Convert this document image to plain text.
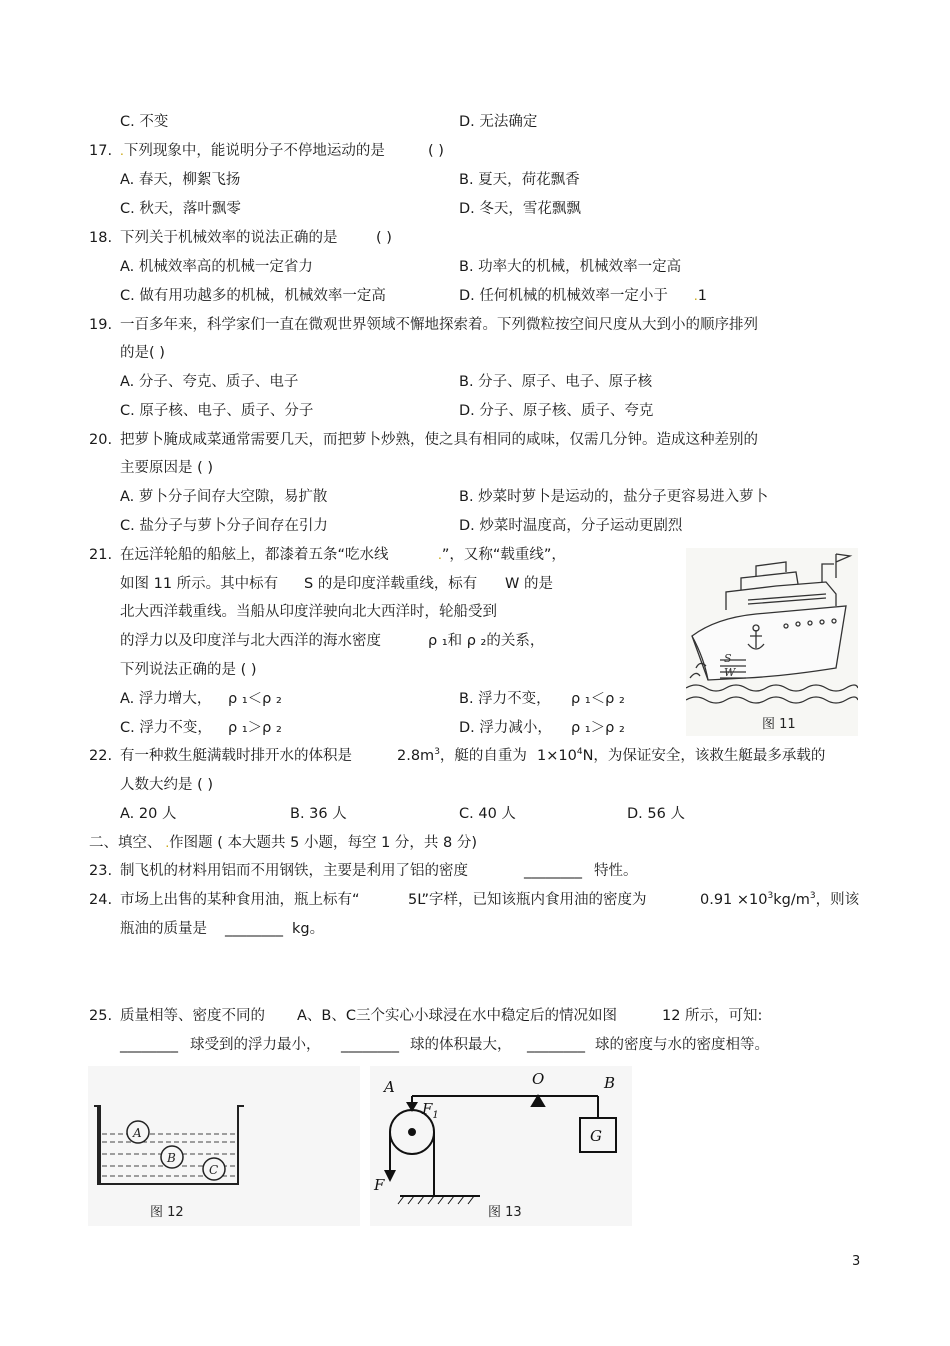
C. 不变	D. 无法确定
17. .下列现象中，能说明分子不停地运动的是	( )
A. 春天，柳絮飞扬	B. 夏天，荷花飘香
C. 秋天，落叶飘零	D. 冬天，雪花飘飘
18. 下列关于机械效率的说法正确的是	( )
A. 机械效率高的机械一定省力	B. 功率大的机械，机械效率一定高
C. 做有用功越多的机械，机械效率一定高	D. 任何机械的机械效率一定小于 .1
19. 一百多年来，科学家们一直在微观世界领域不懈地探索着。下列微粒按空间尺度从大到小的顺序排列
的是( )
A. 分子、夸克、质子、电子	B. 分子、原子、电子、原子核
C. 原子核、电子、质子、分子	D. 分子、原子核、质子、夸克
20. 把萝卜腌成咸菜通常需要几天，而把萝卜炒熟，使之具有相同的咸味，仅需几分钟。造成这种差别的
主要原因是 ( )
A. 萝卜分子间存大空隙，易扩散	B. 炒菜时萝卜是运动的，盐分子更容易进入萝卜
C. 盐分子与萝卜分子间存在引力	D. 炒菜时温度高，分子运动更剧烈
21. 在远洋轮船的船舷上，都漆着五条“吃水线	.”，又称“载重线”，
如图 11 所示。其中标有 S 的是印度洋载重线，标有 W 的是
北大西洋载重线。当船从印度洋驶向北大西洋时，轮船受到
的浮力以及印度洋与北大西洋的海水密度	ρ ₁和 ρ ₂的关系，
下列说法正确的是 ( )
A. 浮力增大， ρ ₁＜ρ ₂	B. 浮力不变， ρ ₁＜ρ ₂
C. 浮力不变， ρ ₁＞ρ ₂	D. 浮力减小， ρ ₁＞ρ ₂
S
W
图 11
22. 有一种救生艇满载时排开水的体积是	$2.8m^3$，艇的自重为 $1\times 10^4N$，为保证安全，该救生艇最多承载的
人数大约是 ( )
A. 20 人	B. 36 人	C. 40 人	D. 56 人
二、填空、 .作图题 ( 本大题共 5 小题，每空 1 分，共 8 分)
23. 制飞机的材料用铝而不用钢铁，主要是利用了铝的密度	________ 特性。
24. 市场上出售的某种食用油，瓶上标有“	5L”字样，已知该瓶内食用油的密度为	$0.91 \times 10^3kg/m^3$，则该
瓶油的质量是 ________ kg。
25. 质量相等、密度不同的 A、B、C三个实心小球浸在水中稳定后的情况如图	12 所示，可知:
________ 球受到的浮力最小， ________ 球的体积最大， ________ 球的密度与水的密度相等。
A
B
C
图 12
A
$F_1$
O	B
G
F
图 13
3
